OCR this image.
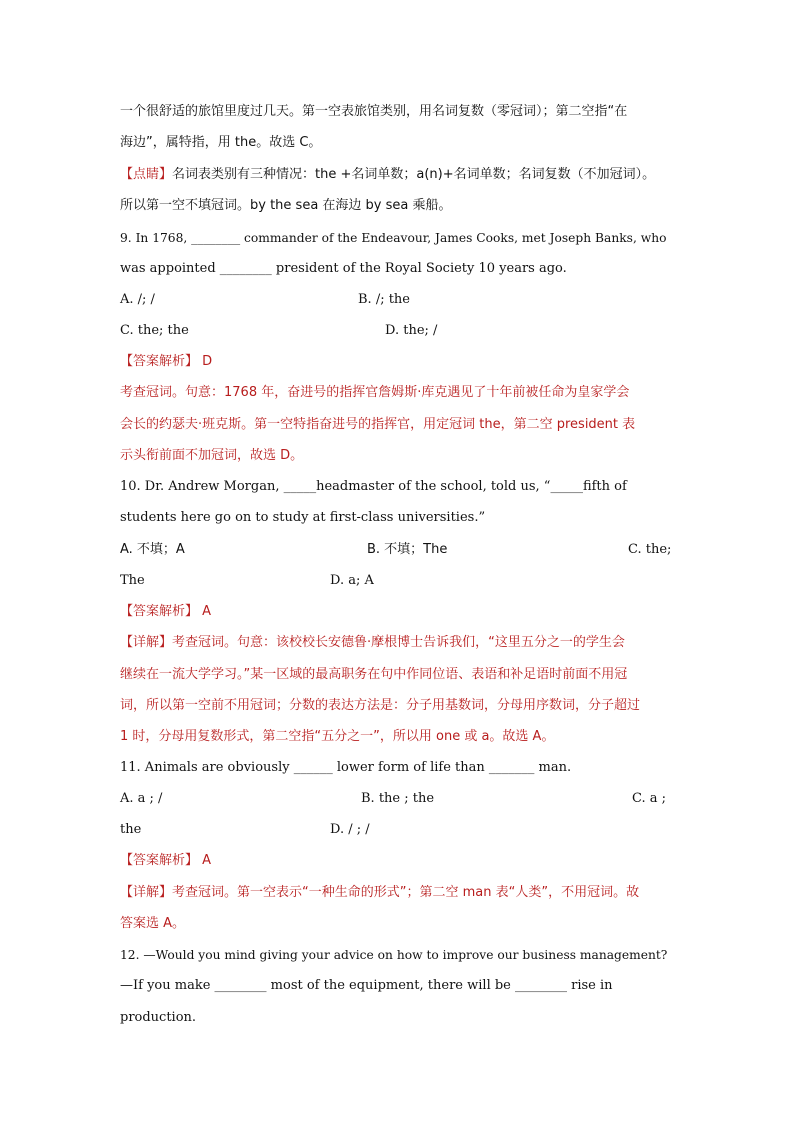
一个很舒适的旅馆里度过几天。第一空表旅馆类别，用名词复数（零冠词）；第二空指“在
海边”，属特指，用 the。故选 C。
【点睛】名词表类别有三种情况：the +名词单数；a(n)+名词单数；名词复数（不加冠词）。
所以第一空不填冠词。by the sea 在海边 by sea 乘船。
9. In 1768, ________ commander of the Endeavour, James Cooks, met Joseph Banks, who
was appointed ________ president of the Royal Society 10 years ago.
A. /; /	B. /; the
C. the; the	D. the; /
【答案解析】 D
考查冠词。句意：1768 年，奋进号的指挥官詹姆斯·库克遇见了十年前被任命为皇家学会
会长的约瑟夫·班克斯。第一空特指奋进号的指挥官，用定冠词 the，第二空 president 表
示头衔前面不加冠词，故选 D。
10. Dr. Andrew Morgan, _____headmaster of the school, told us, “_____fifth of
students here go on to study at first-class universities.”
A. 不填；A	B. 不填；The	C. the;
The	D. a; A
【答案解析】 A
【详解】考查冠词。句意：该校校长安德鲁·摩根博士告诉我们，“这里五分之一的学生会
继续在一流大学学习。”某一区域的最高职务在句中作同位语、表语和补足语时前面不用冠
词，所以第一空前不用冠词；分数的表达方法是：分子用基数词，分母用序数词，分子超过
1 时，分母用复数形式，第二空指“五分之一”，所以用 one 或 a。故选 A。
11. Animals are obviously ______ lower form of life than _______ man.
A. a ; /	B. the ; the	C. a ;
the	D. / ; /
【答案解析】 A
【详解】考查冠词。第一空表示“一种生命的形式”；第二空 man 表“人类”，不用冠词。故
答案选 A。
12. —Would you mind giving your advice on how to improve our business management?
—If you make ________ most of the equipment, there will be ________ rise in
production.
